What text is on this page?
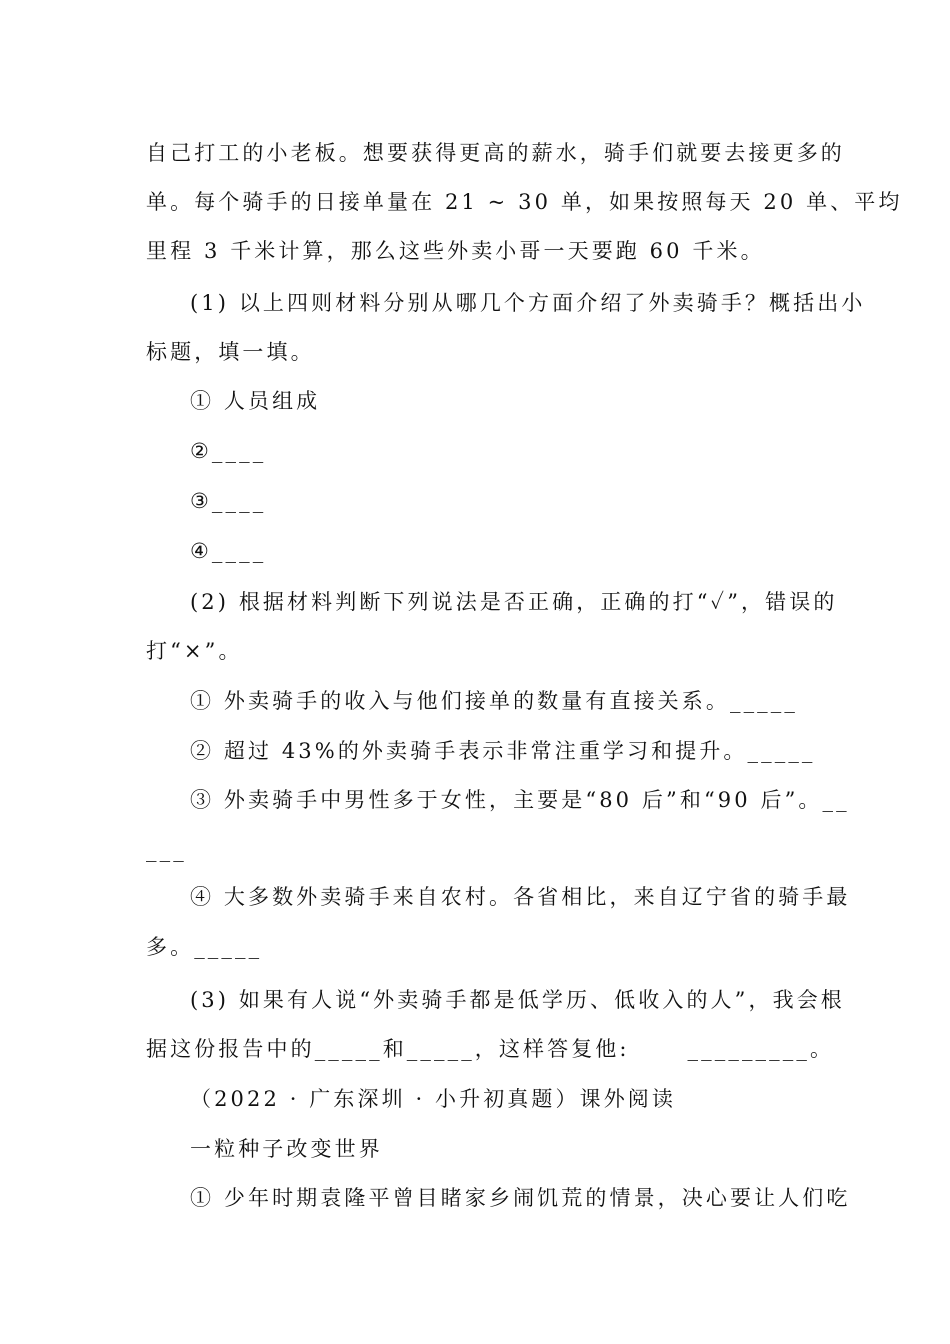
自己打工的小老板。想要获得更高的薪水，骑手们就要去接更多的
单。每个骑手的日接单量在 21 ~ 30 单，如果按照每天 20 单、平均
里程 3 千米计算，那么这些外卖小哥一天要跑 60 千米。
(1) 以上四则材料分别从哪几个方面介绍了外卖骑手？概括出小
标题，填一填。
① 人员组成
②____
③____
④____
(2) 根据材料判断下列说法是否正确，正确的打“✓”，错误的
打“×”。
① 外卖骑手的收入与他们接单的数量有直接关系。_____
② 超过 43%的外卖骑手表示非常注重学习和提升。_____
③ 外卖骑手中男性多于女性，主要是“80 后”和“90 后”。__
___
④ 大多数外卖骑手来自农村。各省相比，来自辽宁省的骑手最
多。_____
(3) 如果有人说“外卖骑手都是低学历、低收入的人”，我会根
据这份报告中的_____和_____，这样答复他:　　 _________。
（2022 · 广东深圳 · 小升初真题）课外阅读
一粒种子改变世界
① 少年时期袁隆平曾目睹家乡闹饥荒的情景，决心要让人们吃
